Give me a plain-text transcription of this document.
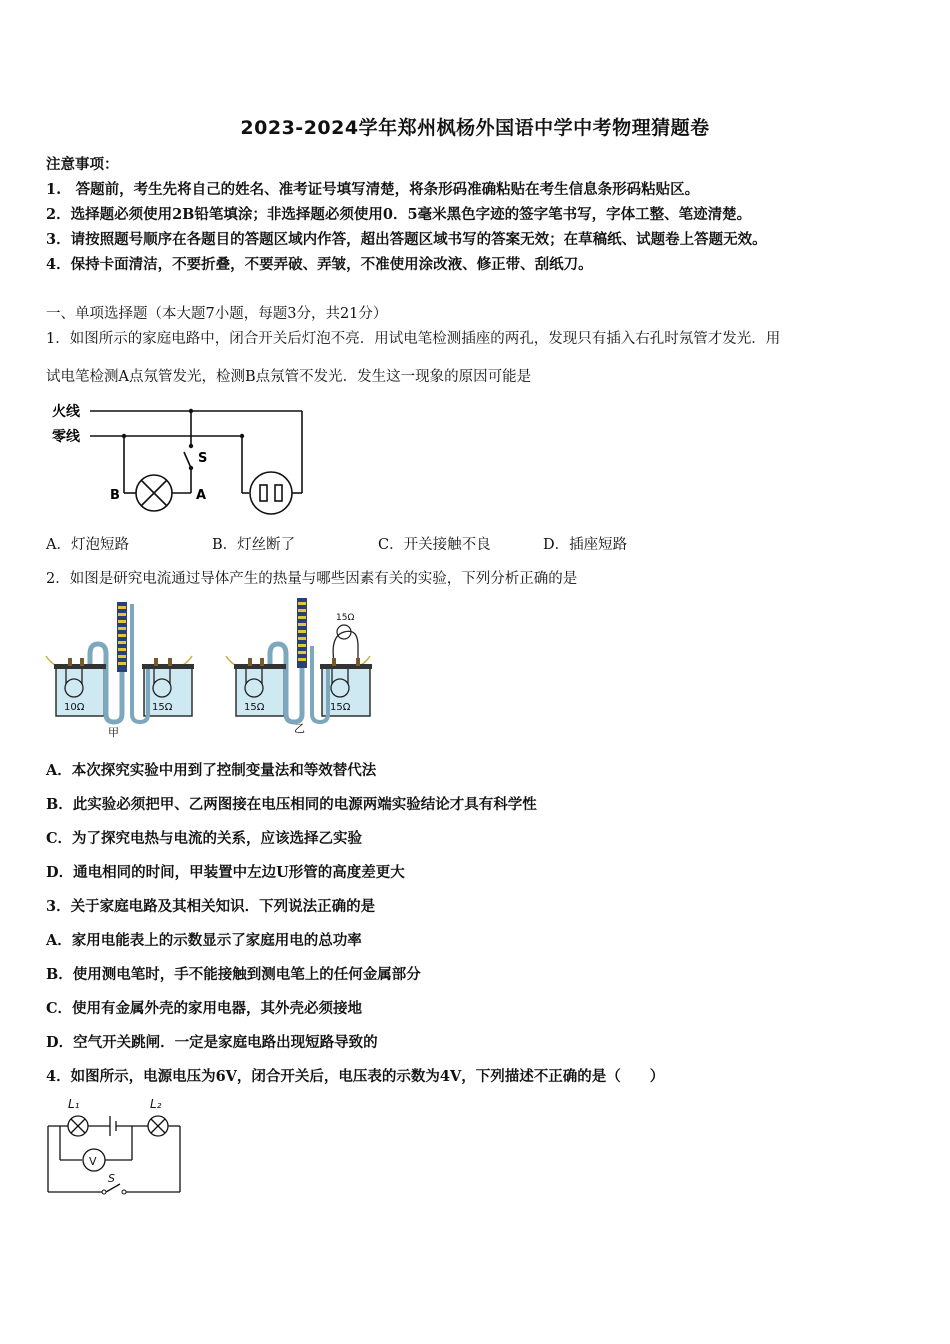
2023-2024学年郑州枫杨外国语中学中考物理猜题卷
注意事项：
1.　答题前，考生先将自己的姓名、准考证号填写清楚，将条形码准确粘贴在考生信息条形码粘贴区。
2．选择题必须使用2B铅笔填涂；非选择题必须使用0．5毫米黑色字迹的签字笔书写，字体工整、笔迹清楚。
3．请按照题号顺序在各题目的答题区域内作答，超出答题区域书写的答案无效；在草稿纸、试题卷上答题无效。
4．保持卡面清洁，不要折叠，不要弄破、弄皱，不准使用涂改液、修正带、刮纸刀。
一、单项选择题（本大题7小题，每题3分，共21分）
1．如图所示的家庭电路中，闭合开关后灯泡不亮．用试电笔检测插座的两孔，发现只有插入右孔时氖管才发光．用
试电笔检测A点氖管发光，检测B点氖管不发光．发生这一现象的原因可能是
火线
零线
S
B	A
A．灯泡短路	B．灯丝断了	C．开关接触不良	D．插座短路
2．如图是研究电流通过导体产生的热量与哪些因素有关的实验，下列分析正确的是
10Ω	15Ω
甲
15Ω	15Ω
15Ω
乙
A．本次探究实验中用到了控制变量法和等效替代法
B．此实验必须把甲、乙两图接在电压相同的电源两端实验结论才具有科学性
C．为了探究电热与电流的关系，应该选择乙实验
D．通电相同的时间，甲装置中左边U形管的高度差更大
3．关于家庭电路及其相关知识．下列说法正确的是
A．家用电能表上的示数显示了家庭用电的总功率
B．使用测电笔时，手不能接触到测电笔上的任何金属部分
C．使用有金属外壳的家用电器，其外壳必须接地
D．空气开关跳闸．一定是家庭电路出现短路导致的
4．如图所示，电源电压为6V，闭合开关后，电压表的示数为4V，下列描述不正确的是（　　）
L₁	L₂
V
S
